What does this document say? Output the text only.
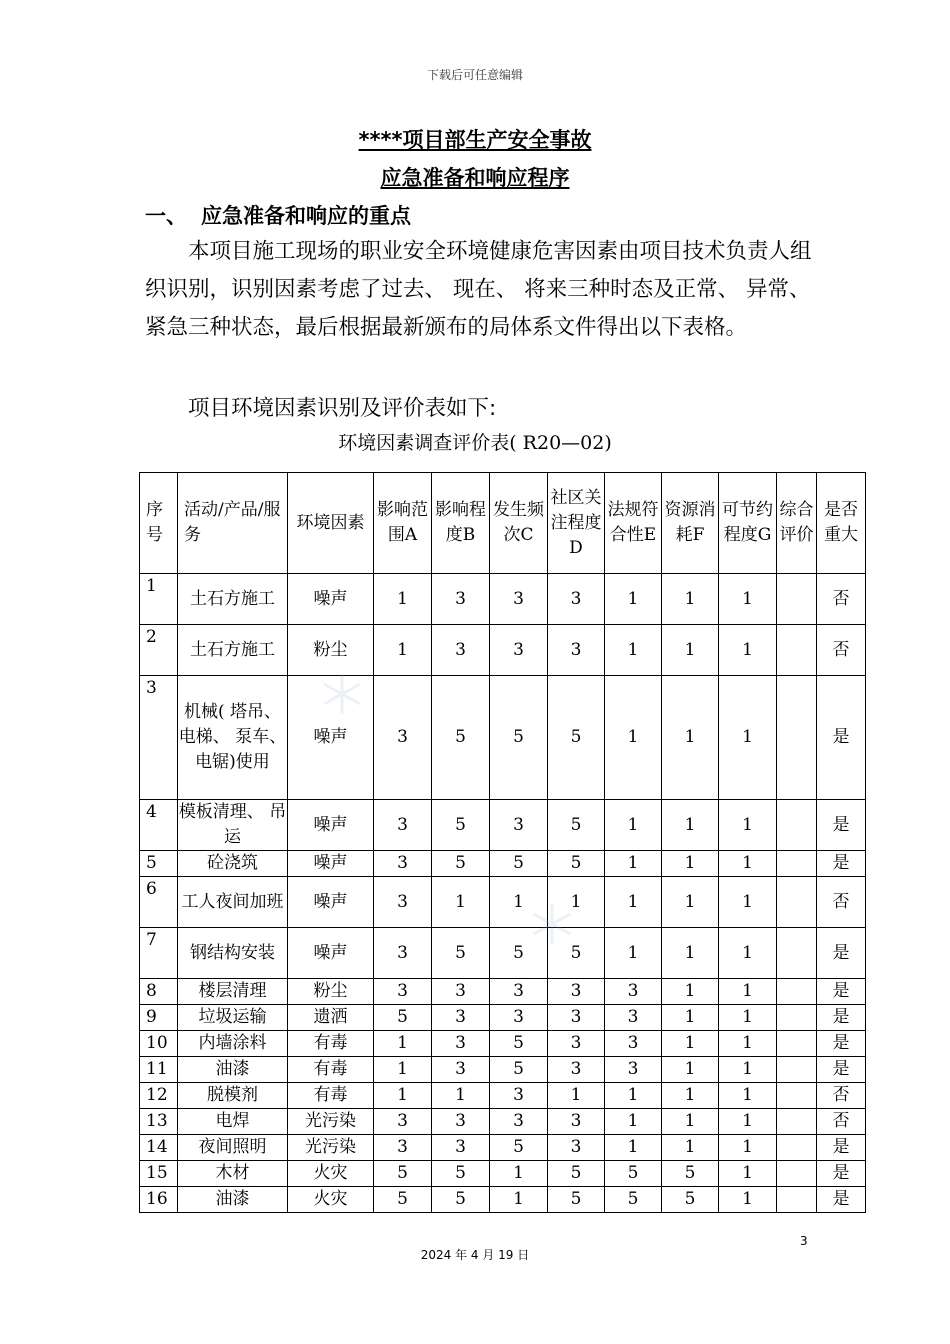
下载后可任意编辑
****项目部生产安全事故
应急准备和响应程序
一、 应急准备和响应的重点

本项目施工现场的职业安全环境健康危害因素由项目技术负责人组织识别，识别因素考虑了过去、 现在、 将来三种时态及正常、 异常、 紧急三种状态，最后根据最新颁布的局体系文件得出以下表格。

项目环境因素识别及评价表如下:

环境因素调查评价表( R20—02)
序号	活动/产品/服务	环境因素	影响范围A	影响程度B	发生频次C	社区关注程度D	法规符合性E	资源消耗F	可节约程度G	综合评价	是否重大
1	土石方施工	噪声	1	3	3	3	1	1	1		否
2	土石方施工	粉尘	1	3	3	3	1	1	1		否
3	机械( 塔吊、 电梯、 泵车、 电锯)使用	噪声	3	5	5	5	1	1	1		是
4	模板清理、 吊运	噪声	3	5	3	5	1	1	1		是
5	砼浇筑	噪声	3	5	5	5	1	1	1		是
6	工人夜间加班	噪声	3	1	1	1	1	1	1		否
7	钢结构安装	噪声	3	5	5	5	1	1	1		是
8	楼层清理	粉尘	3	3	3	3	3	1	1		是
9	垃圾运输	遗洒	5	3	3	3	3	1	1		是
10	内墙涂料	有毒	1	3	5	3	3	1	1		是
11	油漆	有毒	1	3	5	3	3	1	1		是
12	脱模剂	有毒	1	1	3	1	1	1	1		否
13	电焊	光污染	3	3	3	3	1	1	1		否
14	夜间照明	光污染	3	3	5	3	1	1	1		是
15	木材	火灾	5	5	1	5	5	5	1		是
16	油漆	火灾	5	5	1	5	5	5	1		是
3
2024 年 4 月 19 日
